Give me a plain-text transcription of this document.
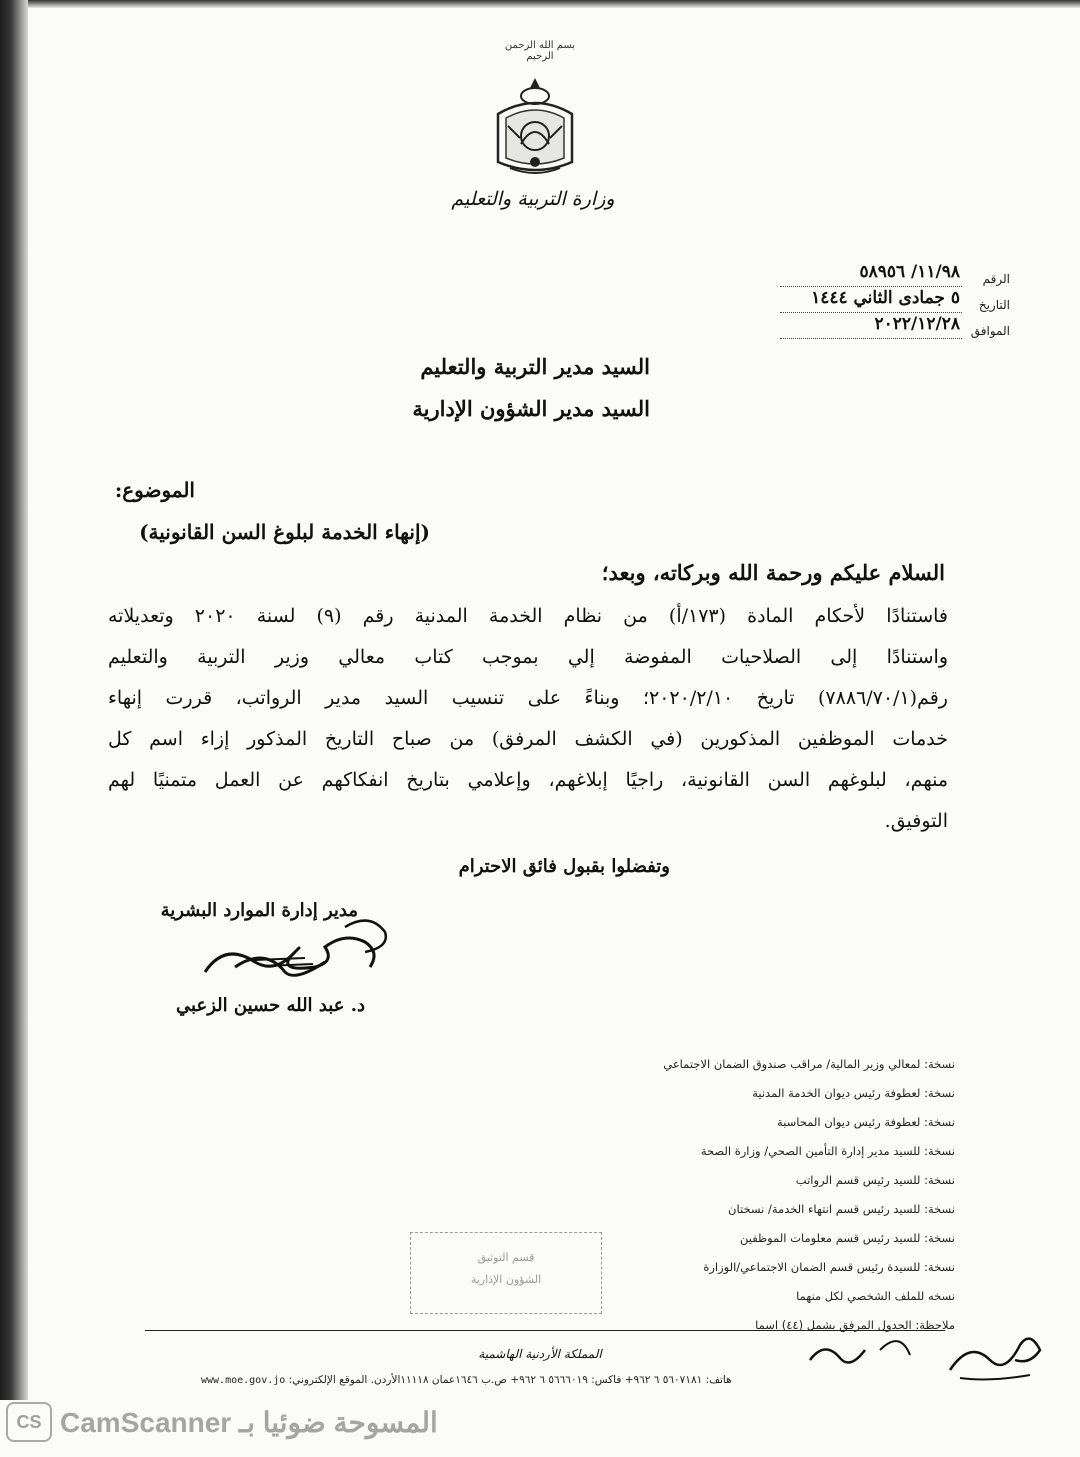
بسم الله الرحمن الرحيم
وزارة التربية والتعليم
الرقم
١١/٩٨/ ٥٨٩٥٦
التاريخ
٥ جمادى الثاني ١٤٤٤
الموافق
٢٠٢٢/١٢/٢٨
السيد مدير التربية والتعليم
السيد مدير الشؤون الإدارية
الموضوع:
(إنهاء الخدمة لبلوغ السن القانونية)
السلام عليكم ورحمة الله وبركاته، وبعد؛
فاستنادًا لأحكام المادة (١٧٣/أ) من نظام الخدمة المدنية رقم (٩) لسنة ٢٠٢٠ وتعديلاته
واستنادًا إلى الصلاحيات المفوضة إلي بموجب كتاب معالي وزير التربية والتعليم
رقم(٧٨٨٦/٧٠/١) تاريخ ٢٠٢٠/٢/١٠؛ وبناءً على تنسيب السيد مدير الرواتب، قررت إنهاء
خدمات الموظفين المذكورين (في الكشف المرفق) من صباح التاريخ المذكور إزاء اسم كل
منهم، لبلوغهم السن القانونية، راجيًا إبلاغهم، وإعلامي بتاريخ انفكاكهم عن العمل متمنيًا لهم
التوفيق.
وتفضلوا بقبول فائق الاحترام
مدير إدارة الموارد البشرية
د. عبد الله حسين الزعبي
نسخة: لمعالي وزير المالية/ مراقب صندوق الضمان الاجتماعي
نسخة: لعطوفة رئيس ديوان الخدمة المدنية
نسخة: لعطوفة رئيس ديوان المحاسبة
نسخة: للسيد مدير إدارة التأمين الصحي/ وزارة الصحة
نسخة: للسيد رئيس قسم الرواتب
نسخة: للسيد رئيس قسم انتهاء الخدمة/ نسختان
نسخة: للسيد رئيس قسم معلومات الموظفين
نسخة: للسيدة رئيس قسم الضمان الاجتماعي/الوزارة
نسخه للملف الشخصي لكل منهما
ملاحظة: الجدول المرفق يشمل (٤٤) اسما
قسم التوثيق
الشؤون الإدارية
المملكة الأردنية الهاشمية
www.moe.gov.jo هاتف: ٥٦٠٧١٨١ ٦ ٩٦٢+ فاكس: ٥٦٦٦٠١٩ ٦ ٩٦٢+ ص.ب ١٦٤٦عمان ١١١١٨الأردن. الموقع الإلكتروني:
CS CamScanner المسوحة ضوئيا بـ
